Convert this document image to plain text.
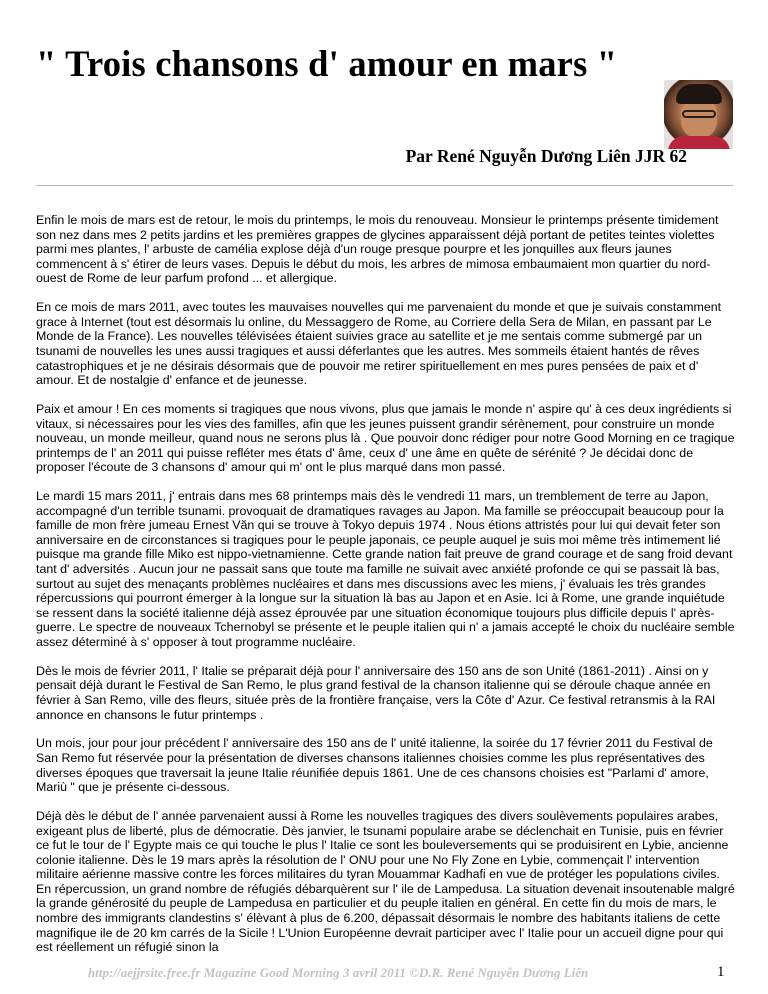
" Trois chansons d' amour en mars "

Par René Nguyễn Dương Liên JJR 62

Enfin le mois de mars est de retour, le mois du printemps, le mois du renouveau. Monsieur le printemps présente timidement son nez dans mes 2 petits jardins et les premières grappes de glycines apparaissent déjà portant de petites teintes violettes parmi mes plantes, l' arbuste de camélia explose déjà d'un rouge presque pourpre et les jonquilles aux fleurs jaunes commencent à s' étirer de leurs vases. Depuis le début du mois, les arbres de mimosa embaumaient mon quartier du nord-ouest de Rome de leur parfum profond ... et allergique.

En ce mois de mars 2011, avec toutes les mauvaises nouvelles qui me parvenaient du monde et que je suivais constamment grace à Internet (tout est désormais lu online, du Messaggero de Rome, au Corriere della Sera de Milan, en passant par Le Monde de la France). Les nouvelles télévisées étaient suivies grace au satellite et je me sentais comme submergé par un tsunami de nouvelles les unes aussi tragiques et aussi déferlantes que les autres. Mes sommeils étaient hantés de rêves catastrophiques et je ne désirais désormais que de pouvoir me retirer spirituellement en mes pures pensées de paix et d' amour. Et de nostalgie d' enfance et de jeunesse.

Paix et amour ! En ces moments si tragiques que nous vivons, plus que jamais le monde n' aspire qu' à ces deux ingrédients si vitaux, si nécessaires pour les vies des familles, afin que les jeunes puissent grandir sérènement, pour construire un monde nouveau, un monde meilleur, quand nous ne serons plus là . Que pouvoir donc rédiger pour notre Good Morning en ce tragique printemps de l' an 2011 qui puisse refléter mes états d' âme, ceux d' une âme en quête de sérénité ? Je décidai donc de proposer l'écoute de 3 chansons d' amour qui m' ont le plus marqué dans mon passé.

Le mardi 15 mars 2011, j' entrais dans mes 68 printemps mais dès le vendredi 11 mars, un tremblement de terre au Japon, accompagné d'un terrible tsunami. provoquait de dramatiques ravages au Japon. Ma famille se préoccupait beaucoup pour la famille de mon frère jumeau Ernest Văn qui se trouve à Tokyo depuis 1974 . Nous étions attristés pour lui qui devait feter son anniversaire en de circonstances si tragiques pour le peuple japonais, ce peuple auquel je suis moi même très intimement lié puisque ma grande fille Miko est nippo-vietnamienne. Cette grande nation fait preuve de grand courage et de sang froid devant tant d' adversités . Aucun jour ne passait sans que toute ma famille ne suivait avec anxiété profonde ce qui se passait là bas, surtout au sujet des menaçants problèmes nucléaires et dans mes discussions avec les miens, j' évaluais les très grandes répercussions qui pourront émerger à la longue sur la situation là bas au Japon et en Asie. Ici à Rome, une grande inquiétude se ressent dans la société italienne déjà assez éprouvée par une situation économique toujours plus difficile depuis l' après-guerre. Le spectre de nouveaux Tchernobyl se présente et le peuple italien qui n' a jamais accepté le choix du nucléaire semble assez déterminé à s' opposer à tout programme nucléaire.

Dès le mois de février 2011, l' Italie se préparait déjà pour l' anniversaire des 150 ans de son Unité (1861-2011) . Ainsi on y pensait déjà durant le Festival de San Remo, le plus grand festival de la chanson italienne qui se déroule chaque année en février à San Remo, ville des fleurs, située près de la frontière française, vers la Côte d' Azur. Ce festival retransmis à la RAI annonce en chansons le futur printemps .

Un mois, jour pour jour précédent l' anniversaire des 150 ans de l' unité italienne, la soirée du 17 février 2011 du Festival de San Remo fut réservée pour la présentation de diverses chansons italiennes choisies comme les plus représentatives des diverses époques que traversait la jeune Italie réunifiée depuis 1861. Une de ces chansons choisies est "Parlami d' amore, Mariù " que je présente ci-dessous.

Déjà dès le début de l' année parvenaient aussi à Rome les nouvelles tragiques des divers soulèvements populaires arabes, exigeant plus de liberté, plus de démocratie. Dès janvier, le tsunami populaire arabe se déclenchait en Tunisie, puis en février ce fut le tour de l' Egypte mais ce qui touche le plus l' Italie ce sont les bouleversements qui se produisirent en Lybie, ancienne colonie italienne. Dès le 19 mars après la résolution de l' ONU pour une No Fly Zone en Lybie, commençait l' intervention militaire aérienne massive contre les forces militaires du tyran Mouammar Kadhafi en vue de protéger les populations civiles. En répercussion, un grand nombre de réfugiés débarquèrent sur l' ile de Lampedusa. La situation devenait insoutenable malgré la grande générosité du peuple de Lampedusa en particulier et du peuple italien en général. En cette fin du mois de mars, le nombre des immigrants clandestins s' élèvant à plus de 6.200, dépassait désormais le nombre des habitants italiens de cette magnifique ile de 20 km carrés de la Sicile ! L'Union Européenne devrait participer avec l' Italie pour un accueil digne pour qui est réellement un réfugié sinon la

http://aejjrsite.free.fr Magazine Good Morning 3 avril 2011 ©D.R. René Nguyễn Dương Liên	1
